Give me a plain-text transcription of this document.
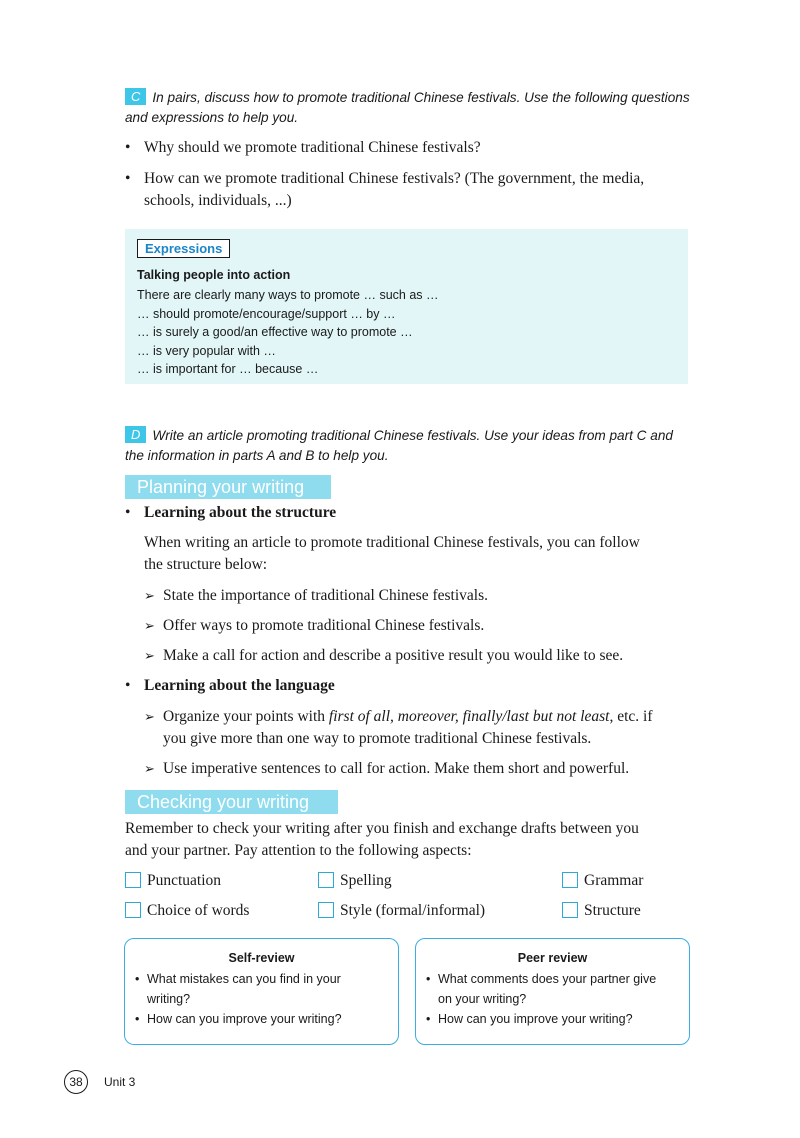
C In pairs, discuss how to promote traditional Chinese festivals. Use the following questions
and expressions to help you.
• Why should we promote traditional Chinese festivals?
• How can we promote traditional Chinese festivals? (The government, the media,
schools, individuals, ...)
Expressions
Talking people into action
There are clearly many ways to promote … such as …
… should promote/encourage/support … by …
… is surely a good/an effective way to promote …
… is very popular with …
… is important for … because …
D Write an article promoting traditional Chinese festivals. Use your ideas from part C and
the information in parts A and B to help you.
Planning your writing
• Learning about the structure
When writing an article to promote traditional Chinese festivals, you can follow
the structure below:
➢ State the importance of traditional Chinese festivals.
➢ Offer ways to promote traditional Chinese festivals.
➢ Make a call for action and describe a positive result you would like to see.
• Learning about the language
➢ Organize your points with first of all, moreover, finally/last but not least, etc. if
you give more than one way to promote traditional Chinese festivals.
➢ Use imperative sentences to call for action. Make them short and powerful.
Checking your writing
Remember to check your writing after you finish and exchange drafts between you
and your partner. Pay attention to the following aspects:
Punctuation	Spelling	Grammar
Choice of words	Style (formal/informal)	Structure
Self-review
• What mistakes can you find in your
writing?
• How can you improve your writing?
Peer review
• What comments does your partner give
on your writing?
• How can you improve your writing?
38	Unit 3
